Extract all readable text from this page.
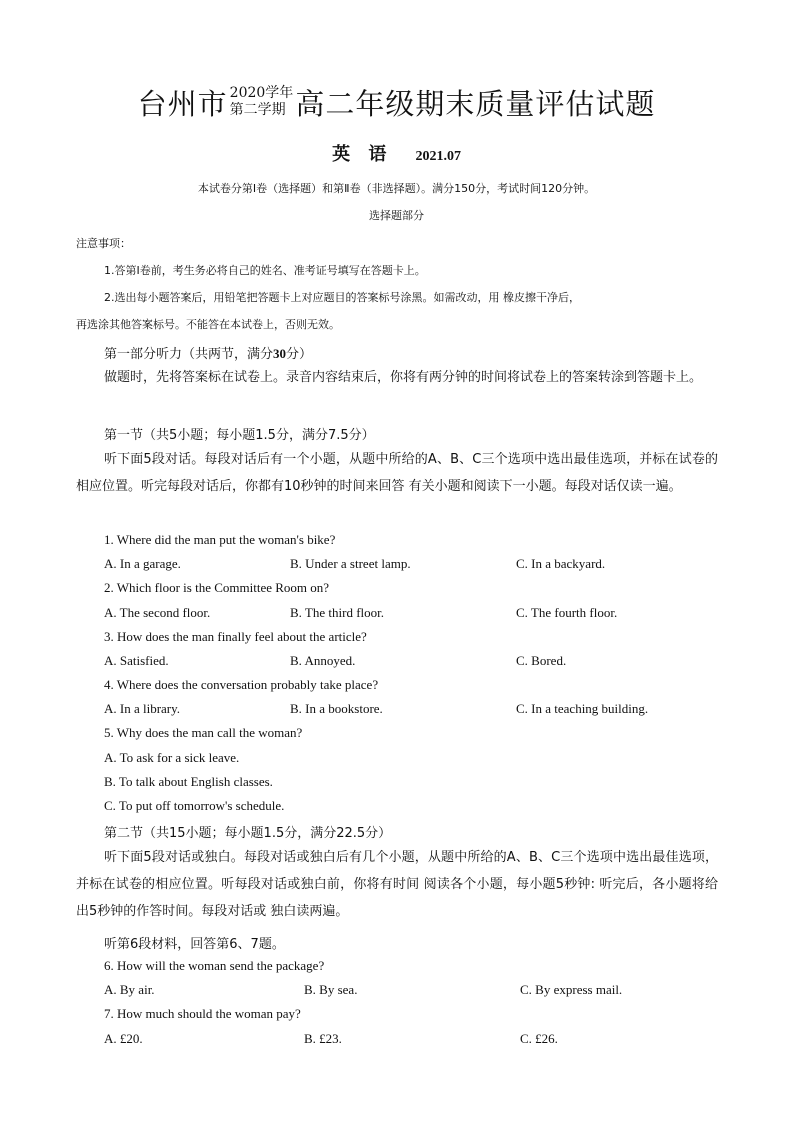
台州市 2020学年
第二学期 高二年级期末质量评估试题
英 语 2021.07
本试卷分第Ⅰ卷（选择题）和第Ⅱ卷（非选择题）。满分150分，考试时间120分钟。
选择题部分
注意事项：
1.答第Ⅰ卷前，考生务必将自己的姓名、准考证号填写在答题卡上。
2.选出每小题答案后，用铅笔把答题卡上对应题目的答案标号涂黑。如需改动，用 橡皮擦干净后，
再选涂其他答案标号。不能答在本试卷上，否则无效。
第一部分听力（共两节，满分30分）
做题时，先将答案标在试卷上。录音内容结束后，你将有两分钟的时间将试卷上的答案转涂到答题卡上。
第一节（共5小题；每小题1.5分，满分7.5分）
听下面5段对话。每段对话后有一个小题，从题中所给的A、B、C三个选项中选出最佳选项，并标在试卷的相应位置。听完每段对话后，你都有10秒钟的时间来回答 有关小题和阅读下一小题。每段对话仅读一遍。
1. Where did the man put the woman's bike?
A. In a garage.	B. Under a street lamp.	C. In a backyard.
2. Which floor is the Committee Room on?
A. The second floor.	B. The third floor.	C. The fourth floor.
3. How does the man finally feel about the article?
A. Satisfied.	B. Annoyed.	C. Bored.
4. Where does the conversation probably take place?
A. In a library.	B. In a bookstore.	C. In a teaching building.
5. Why does the man call the woman?
A. To ask for a sick leave.
B. To talk about English classes.
C. To put off tomorrow's schedule.
第二节（共15小题；每小题1.5分，满分22.5分）
听下面5段对话或独白。每段对话或独白后有几个小题，从题中所给的A、B、C三个选项中选出最佳选项，并标在试卷的相应位置。听每段对话或独白前，你将有时间 阅读各个小题，每小题5秒钟: 听完后，各小题将给出5秒钟的作答时间。每段对话或 独白读两遍。
听第6段材料，回答第6、7题。
6. How will the woman send the package?
A. By air.	B. By sea.	C. By express mail.
7. How much should the woman pay?
A. £20.	B. £23.	C. £26.
